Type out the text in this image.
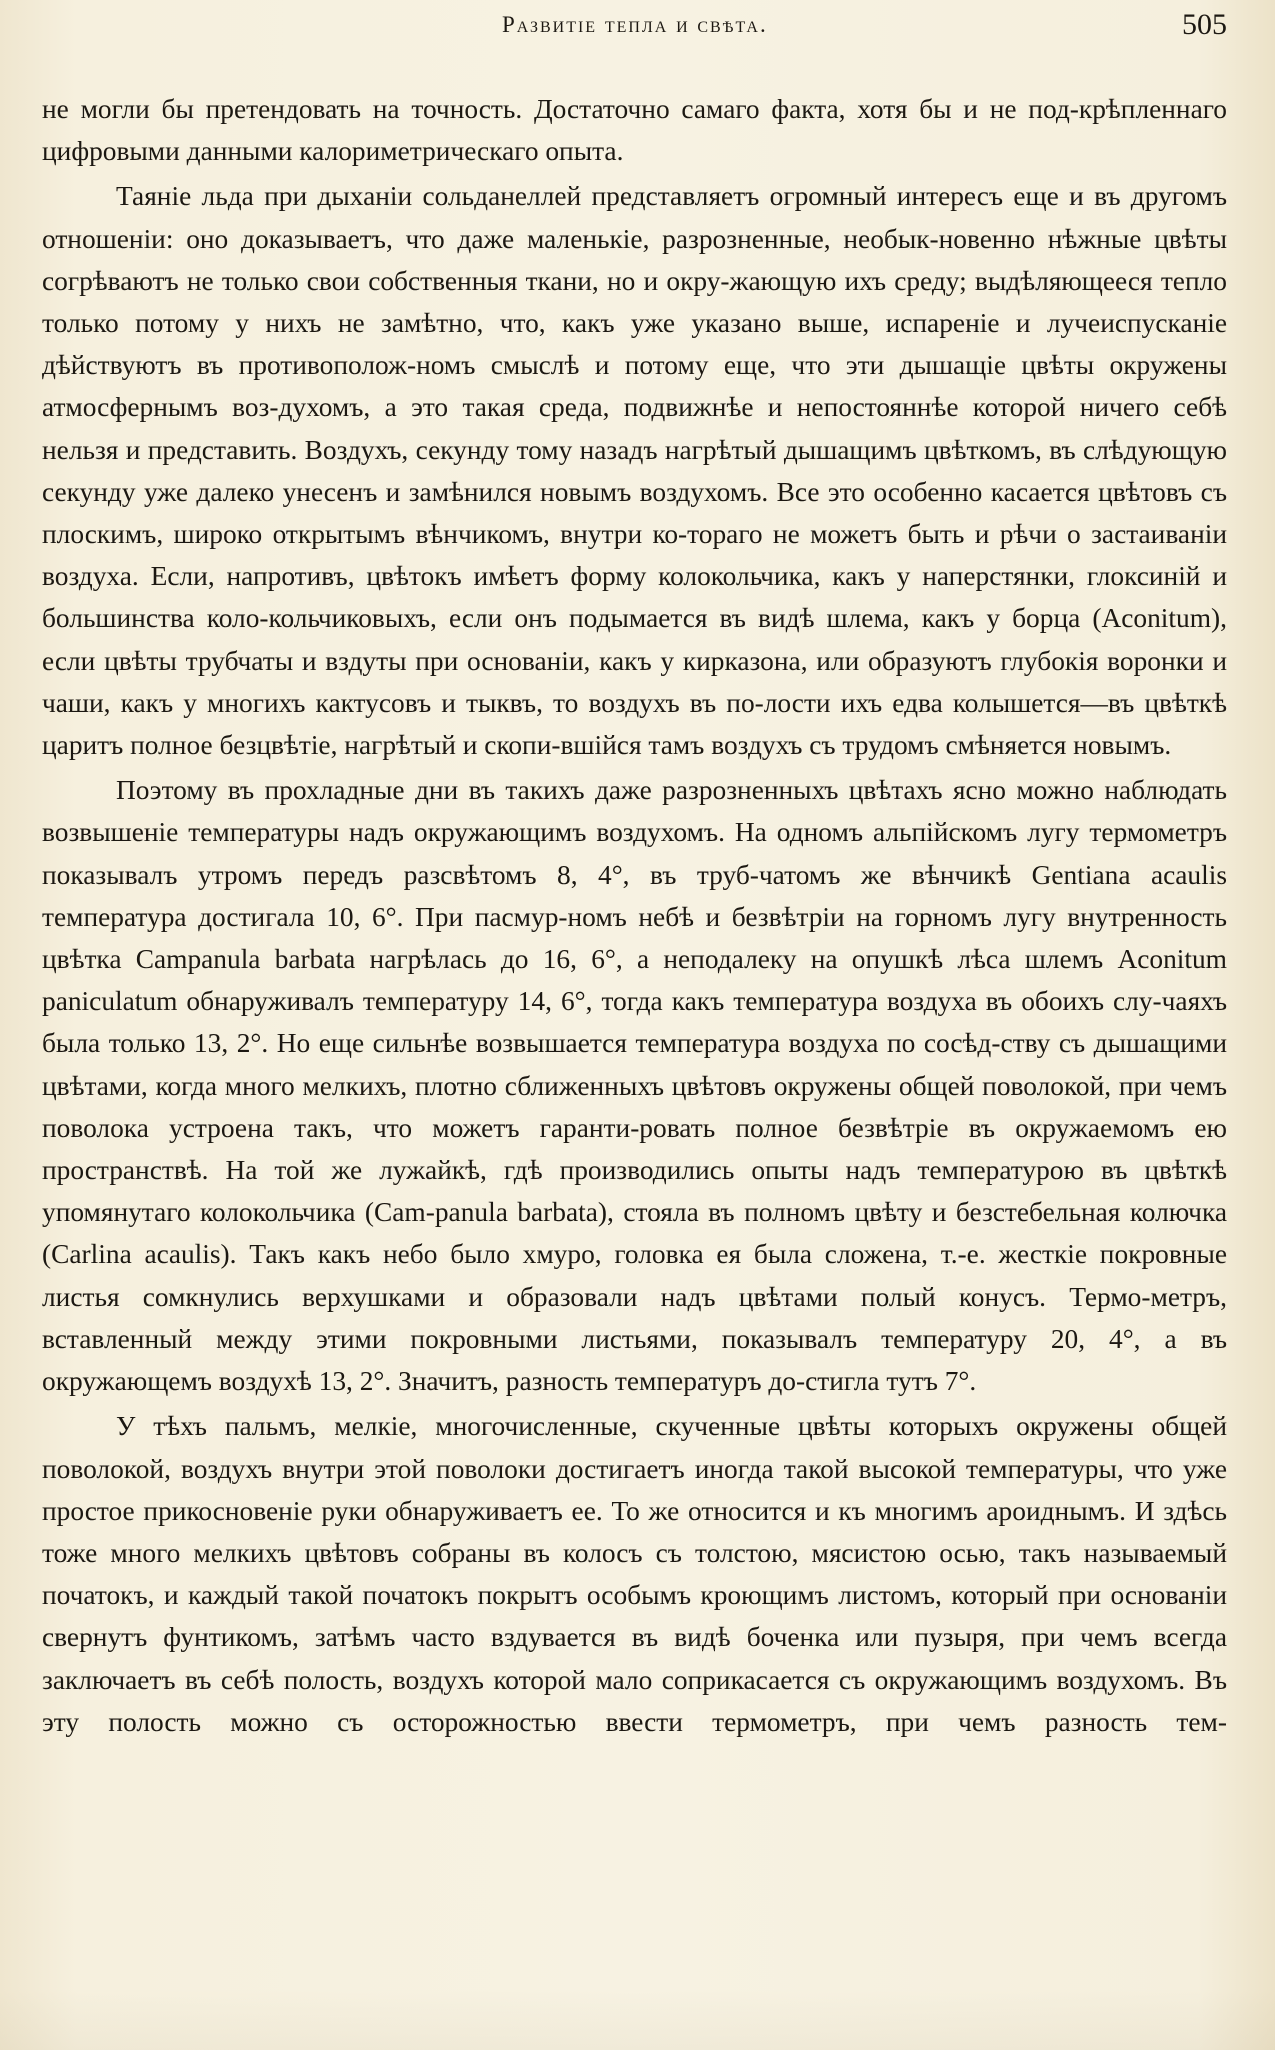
Развитіе тепла и свѣта.	505

не могли бы претендовать на точность. Достаточно самаго факта, хотя бы и не под-крѣпленнаго цифровыми данными калориметрическаго опыта.

Таяніе льда при дыханіи сольданеллей представляетъ огромный интересъ еще и въ другомъ отношеніи: оно доказываетъ, что даже маленькіе, разрозненные, необык-новенно нѣжные цвѣты согрѣваютъ не только свои собственныя ткани, но и окру-жающую ихъ среду; выдѣляющееся тепло только потому у нихъ не замѣтно, что, какъ уже указано выше, испареніе и лучеиспусканіе дѣйствуютъ въ противополож-номъ смыслѣ и потому еще, что эти дышащіе цвѣты окружены атмосфернымъ воз-духомъ, а это такая среда, подвижнѣе и непостояннѣе которой ничего себѣ нельзя и представить. Воздухъ, секунду тому назадъ нагрѣтый дышащимъ цвѣткомъ, въ слѣдующую секунду уже далеко унесенъ и замѣнился новымъ воздухомъ. Все это особенно касается цвѣтовъ съ плоскимъ, широко открытымъ вѣнчикомъ, внутри ко-тораго не можетъ быть и рѣчи о застаиваніи воздуха. Если, напротивъ, цвѣтокъ имѣетъ форму колокольчика, какъ у наперстянки, глоксиній и большинства коло-кольчиковыхъ, если онъ подымается въ видѣ шлема, какъ у борца (Aconitum), если цвѣты трубчаты и вздуты при основаніи, какъ у кирказона, или образуютъ глубокія воронки и чаши, какъ у многихъ кактусовъ и тыквъ, то воздухъ въ по-лости ихъ едва колышется—въ цвѣткѣ царитъ полное безцвѣтіе, нагрѣтый и скопи-вшійся тамъ воздухъ съ трудомъ смѣняется новымъ.

Поэтому въ прохладные дни въ такихъ даже разрозненныхъ цвѣтахъ ясно можно наблюдать возвышеніе температуры надъ окружающимъ воздухомъ. На одномъ альпійскомъ лугу термометръ показывалъ утромъ передъ разсвѣтомъ 8, 4°, въ труб-чатомъ же вѣнчикѣ Gentiana acaulis температура достигала 10, 6°. При пасмур-номъ небѣ и безвѣтріи на горномъ лугу внутренность цвѣтка Campanula barbata нагрѣлась до 16, 6°, а неподалеку на опушкѣ лѣса шлемъ Aconitum paniculatum обнаруживалъ температуру 14, 6°, тогда какъ температура воздуха въ обоихъ слу-чаяхъ была только 13, 2°. Но еще сильнѣе возвышается температура воздуха по сосѣд-ству съ дышащими цвѣтами, когда много мелкихъ, плотно сближенныхъ цвѣтовъ окружены общей поволокой, при чемъ поволока устроена такъ, что можетъ гаранти-ровать полное безвѣтріе въ окружаемомъ ею пространствѣ. На той же лужайкѣ, гдѣ производились опыты надъ температурою въ цвѣткѣ упомянутаго колокольчика (Cam-panula barbata), стояла въ полномъ цвѣту и безстебельная колючка (Carlina acaulis). Такъ какъ небо было хмуро, головка ея была сложена, т.-е. жесткіе покровные листья сомкнулись верхушками и образовали надъ цвѣтами полый конусъ. Термо-метръ, вставленный между этими покровными листьями, показывалъ температуру 20, 4°, а въ окружающемъ воздухѣ 13, 2°. Значитъ, разность температуръ до-стигла тутъ 7°.

У тѣхъ пальмъ, мелкіе, многочисленные, скученные цвѣты которыхъ окружены общей поволокой, воздухъ внутри этой поволоки достигаетъ иногда такой высокой температуры, что уже простое прикосновеніе руки обнаруживаетъ ее. То же относится и къ многимъ ароиднымъ. И здѣсь тоже много мелкихъ цвѣтовъ собраны въ колосъ съ толстою, мясистою осью, такъ называемый початокъ, и каждый такой початокъ покрытъ особымъ кроющимъ листомъ, который при основаніи свернутъ фунтикомъ, затѣмъ часто вздувается въ видѣ боченка или пузыря, при чемъ всегда заключаетъ въ себѣ полость, воздухъ которой мало соприкасается съ окружающимъ воздухомъ. Въ эту полость можно съ осторожностью ввести термометръ, при чемъ разность тем-
